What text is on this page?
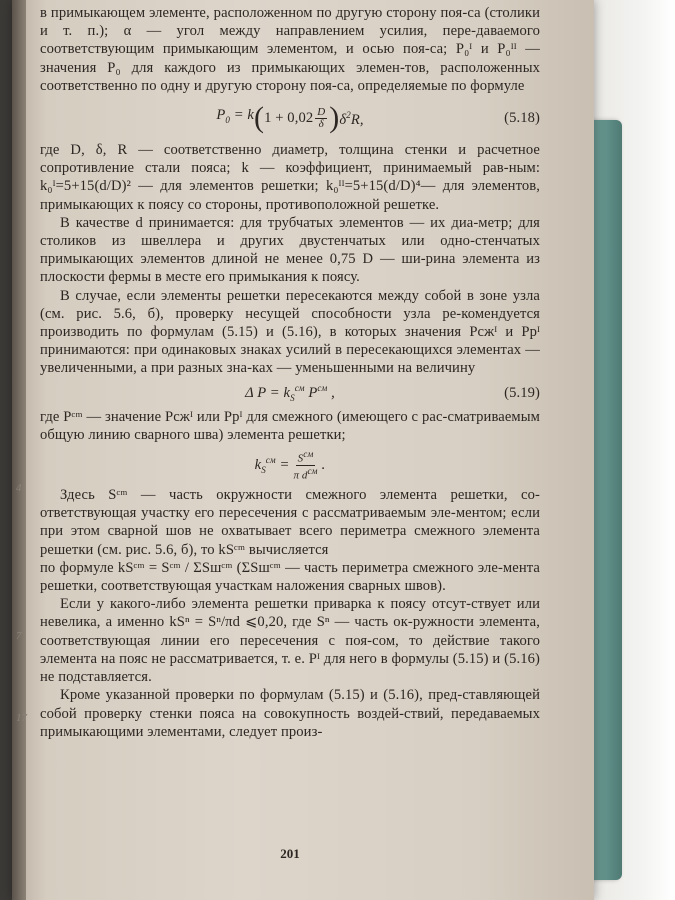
4
7
17

в примыкающем элементе, расположенном по другую сторону поя-са (столики и т. п.); α — угол между направлением усилия, пере-даваемого соответствующим примыкающим элементом, и осью поя-са; P₀ᴵ и P₀ᴵᴵ — значения P₀ для каждого из примыкающих элемен-тов, расположенных соответственно по одну и другую сторону поя-са, определяемые по формуле

$P_0 = k$ ( $1 + 0,02 \frac{D}{\delta}$ ) $\delta^2R$,	(5.18)

где D, δ, R — соответственно диаметр, толщина стенки и расчетное сопротивление стали пояса; k — коэффициент, принимаемый рав-ным: k₀ᴵ=5+15(d/D)² — для элементов решетки; k₀ᴵᴵ=5+15(d/D)⁴— для элементов, примыкающих к поясу со стороны, противоположной решетке.

В качестве d принимается: для трубчатых элементов — их диа-метр; для столиков из швеллера и других двустенчатых или одно-стенчатых примыкающих элементов длиной не менее 0,75 D — ши-рина элемента из плоскости фермы в месте его примыкания к поясу.

В случае, если элементы решетки пересекаются между собой в зоне узла (см. рис. 5.6, б), проверку несущей способности узла ре-комендуется производить по формулам (5.15) и (5.16), в которых значения Pсжᴵ и Pрᴵ принимаются: при одинаковых знаках усилий в пересекающихся элементах — увеличенными, а при разных зна-ках — уменьшенными на величину

Δ $P = k_S^{см}$ $P^{см}$ ,	(5.19)

где Pᶜᵐ — значение Pсжᴵ или Pрᴵ для смежного (имеющего с рас-сматриваемым общую линию сварного шва) элемента решетки;

$k_S^{см} = \frac{S^{см}}{\pi d^{см}}$ .

Здесь Sᶜᵐ — часть окружности смежного элемента решетки, со-ответствующая участку его пересечения с рассматриваемым эле-ментом; если при этом сварной шов не охватывает всего периметра смежного элемента решетки (см. рис. 5.6, б), то kSᶜᵐ вычисляется

по формуле kSᶜᵐ = Sᶜᵐ / ΣSшᶜᵐ (ΣSшᶜᵐ — часть периметра смежного эле-мента решетки, соответствующая участкам наложения сварных швов).

Если у какого-либо элемента решетки приварка к поясу отсут-ствует или невелика, а именно kSⁿ = Sⁿ/πd ⩽0,20, где Sⁿ — часть ок-ружности элемента, соответствующая линии его пересечения с поя-сом, то действие такого элемента на пояс не рассматривается, т. е. Pᴵ для него в формулы (5.15) и (5.16) не подставляется.

Кроме указанной проверки по формулам (5.15) и (5.16), пред-ставляющей собой проверку стенки пояса на совокупность воздей-ствий, передаваемых примыкающими элементами, следует произ-

201
